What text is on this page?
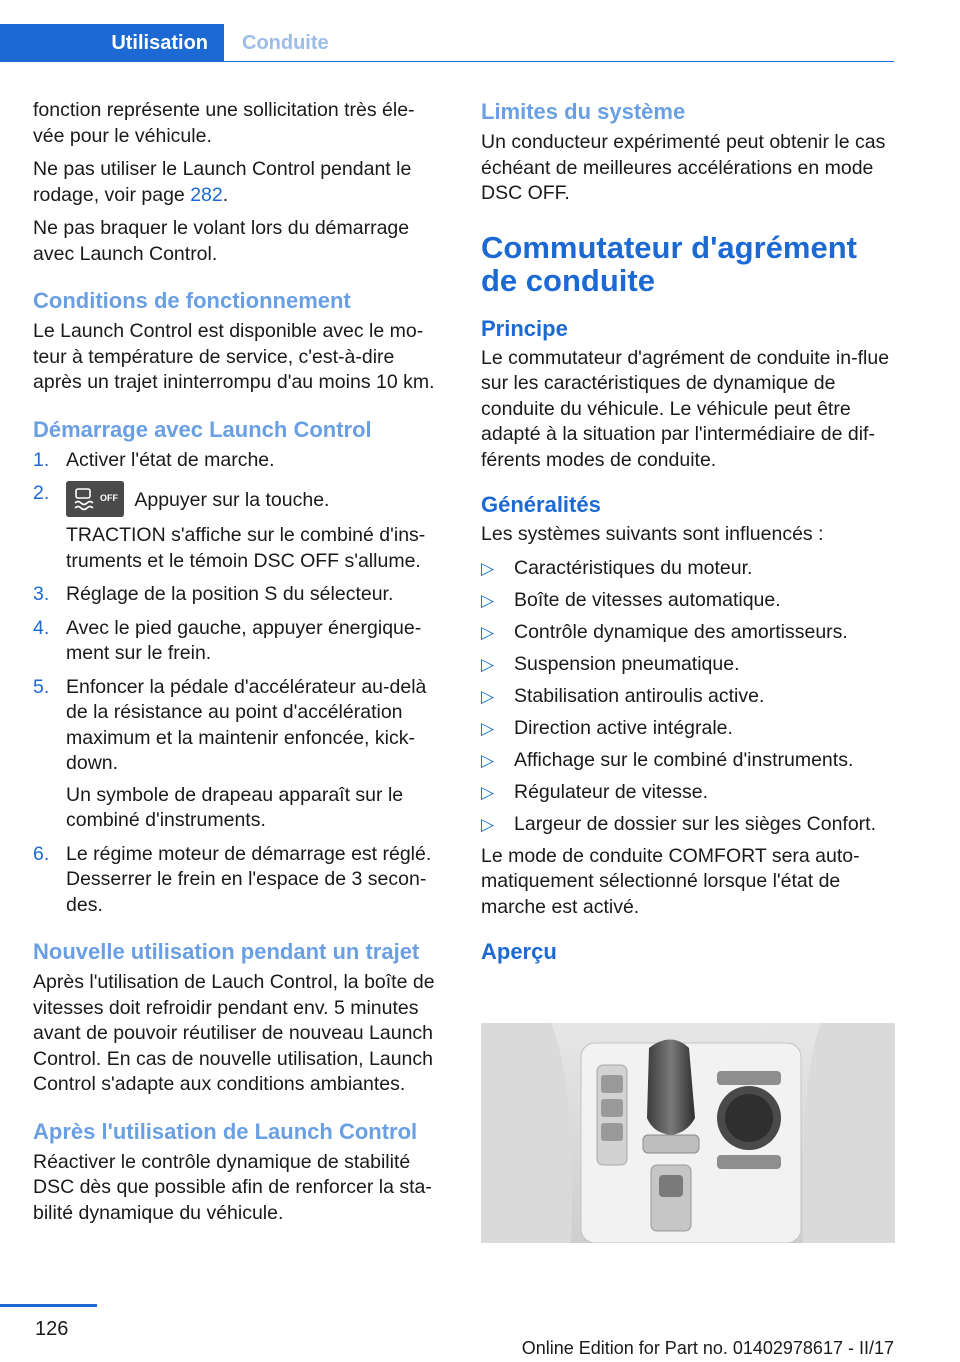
Utilisation	Conduite

fonction représente une sollicitation très éle-vée pour le véhicule.

Ne pas utiliser le Launch Control pendant le rodage, voir page 282.

Ne pas braquer le volant lors du démarrage avec Launch Control.

Conditions de fonctionnement

Le Launch Control est disponible avec le mo-teur à température de service, c'est-à-dire après un trajet ininterrompu d'au moins 10 km.

Démarrage avec Launch Control
1. Activer l'état de marche.
2.	OFF Appuyer sur la touche.
TRACTION s'affiche sur le combiné d'ins-truments et le témoin DSC OFF s'allume.
3. Réglage de la position S du sélecteur.
4. Avec le pied gauche, appuyer énergique-ment sur le frein.
5. Enfoncer la pédale d'accélérateur au-delà de la résistance au point d'accélération maximum et la maintenir enfoncée, kick-down.
Un symbole de drapeau apparaît sur le combiné d'instruments.
6. Le régime moteur de démarrage est réglé. Desserrer le frein en l'espace de 3 secon-des.
Nouvelle utilisation pendant un trajet

Après l'utilisation de Lauch Control, la boîte de vitesses doit refroidir pendant env. 5 minutes avant de pouvoir réutiliser de nouveau Launch Control. En cas de nouvelle utilisation, Launch Control s'adapte aux conditions ambiantes.

Après l'utilisation de Launch Control

Réactiver le contrôle dynamique de stabilité DSC dès que possible afin de renforcer la sta-bilité dynamique du véhicule.

Limites du système

Un conducteur expérimenté peut obtenir le cas échéant de meilleures accélérations en mode DSC OFF.

Commutateur d'agrément de conduite
Principe

Le commutateur d'agrément de conduite in-flue sur les caractéristiques de dynamique de conduite du véhicule. Le véhicule peut être adapté à la situation par l'intermédiaire de dif-férents modes de conduite.

Généralités

Les systèmes suivants sont influencés :

▷ Caractéristiques du moteur.
▷ Boîte de vitesses automatique.
▷ Contrôle dynamique des amortisseurs.
▷ Suspension pneumatique.
▷ Stabilisation antiroulis active.
▷ Direction active intégrale.
▷ Affichage sur le combiné d'instruments.
▷ Régulateur de vitesse.
▷ Largeur de dossier sur les sièges Confort.

Le mode de conduite COMFORT sera auto-matiquement sélectionné lorsque l'état de marche est activé.

Aperçu
126
Online Edition for Part no. 01402978617 - II/17
